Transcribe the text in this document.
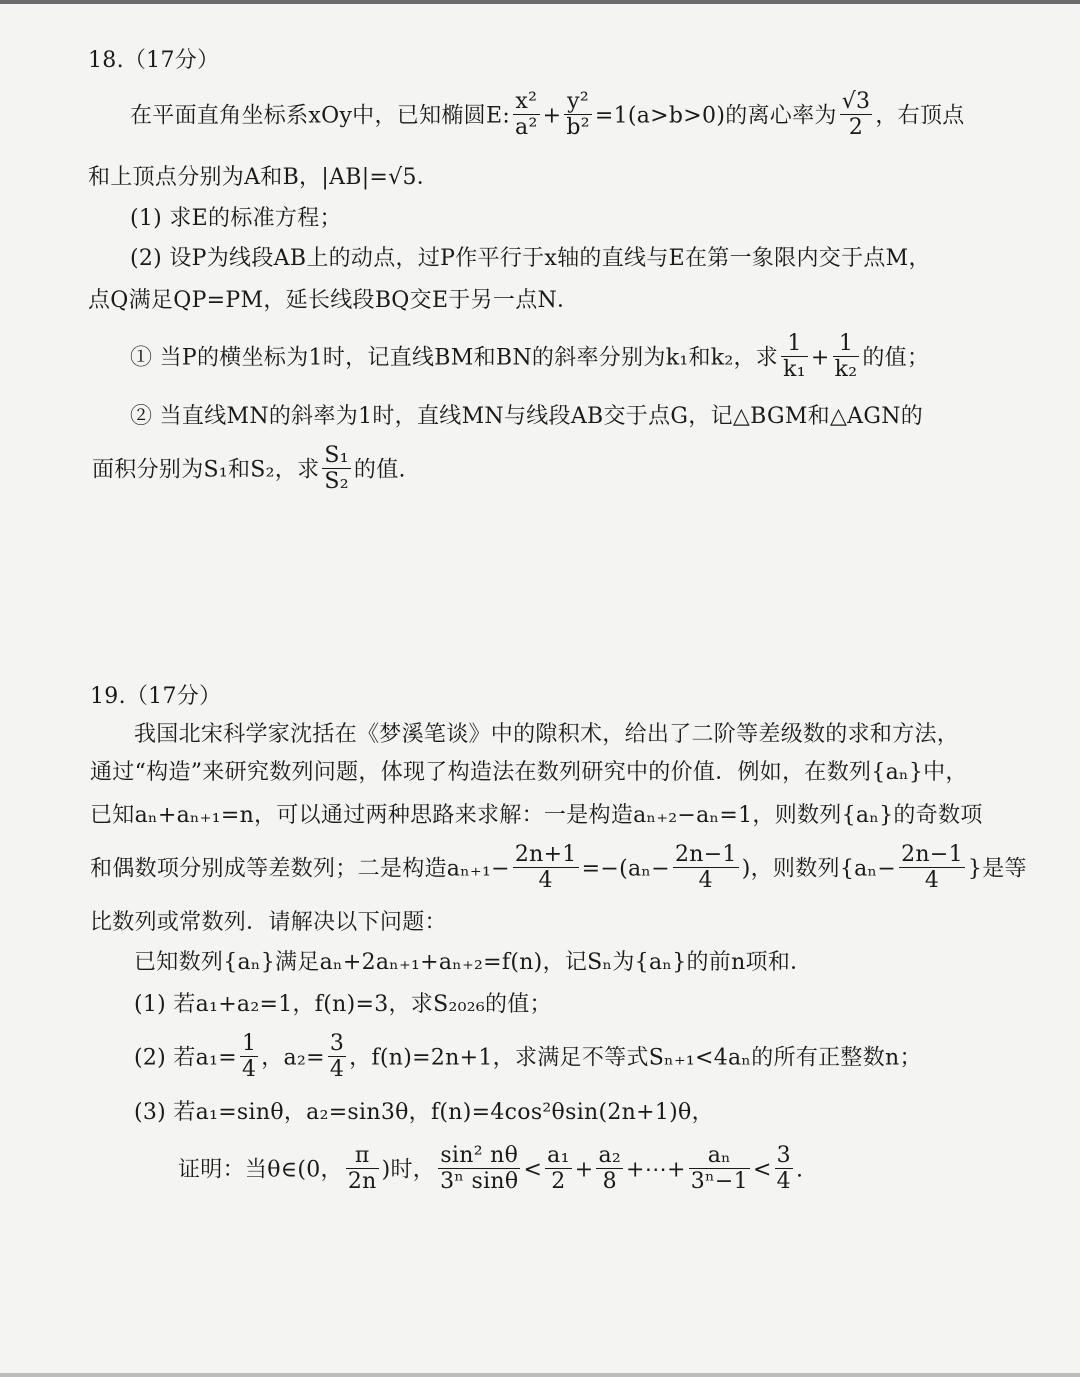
18.（17分）
在平面直角坐标系xOy中，已知椭圆E: $\frac{\text{x²}}{\text{a²}} + \frac{\text{y²}}{\text{b²}} =1(a>b>0)$的离心率为 $\frac{√3}{2}$ ，右顶点
和上顶点分别为A和B，|AB|=√5．
(1) 求E的标准方程；
(2) 设P为线段AB上的动点，过P作平行于x轴的直线与E在第一象限内交于点M，
点Q满足QP=PM，延长线段BQ交E于另一点N．
① 当P的横坐标为1时，记直线BM和BN的斜率分别为k₁和k₂，求 $\frac{1}{\text{k₁}} + \frac{1}{\text{k₂}}$ 的值；
② 当直线MN的斜率为1时，直线MN与线段AB交于点G，记△BGM和△AGN的
面积分别为S₁和S₂，求 $\frac{\text{S₁}}{\text{S₂}}$ 的值.
19.（17分）
我国北宋科学家沈括在《梦溪笔谈》中的隙积术，给出了二阶等差级数的求和方法，
通过“构造”来研究数列问题，体现了构造法在数列研究中的价值．例如，在数列{aₙ}中，
已知aₙ+aₙ₊₁=n，可以通过两种思路来求解：一是构造aₙ₊₂−aₙ=1，则数列{aₙ}的奇数项
和偶数项分别成等差数列；二是构造$a_{n+1}- \frac{2n+1}{4} =-(a_n- \frac{2n-1}{4}$ )，则数列{$a_n- \frac{2n-1}{4}$ }是等
比数列或常数列．请解决以下问题：
已知数列{aₙ}满足aₙ+2aₙ₊₁+aₙ₊₂=f(n)，记Sₙ为{aₙ}的前n项和．
(1) 若a₁+a₂=1，f(n)=3，求S₂₀₂₆的值；
(2) 若$a_1= \frac{1}{4}$ ，$a_2= \frac{3}{4}$ ，f(n)=2n+1，求满足不等式Sₙ₊₁<4aₙ的所有正整数n；
(3) 若a₁=sinθ，a₂=sin3θ，f(n)=4cos²θsin(2n+1)θ，
证明：当θ∈(0， $\frac{\pi}{2n}$ )时， $\frac{\text{sin² nθ}}{\text{3ⁿ sinθ}} < \frac{\text{a₁}}{2} + \frac{\text{a₂}}{8}$ +⋯+ $\frac{\text{aₙ}}{\text{3ⁿ−1}} < \frac{3}{4}$ .
